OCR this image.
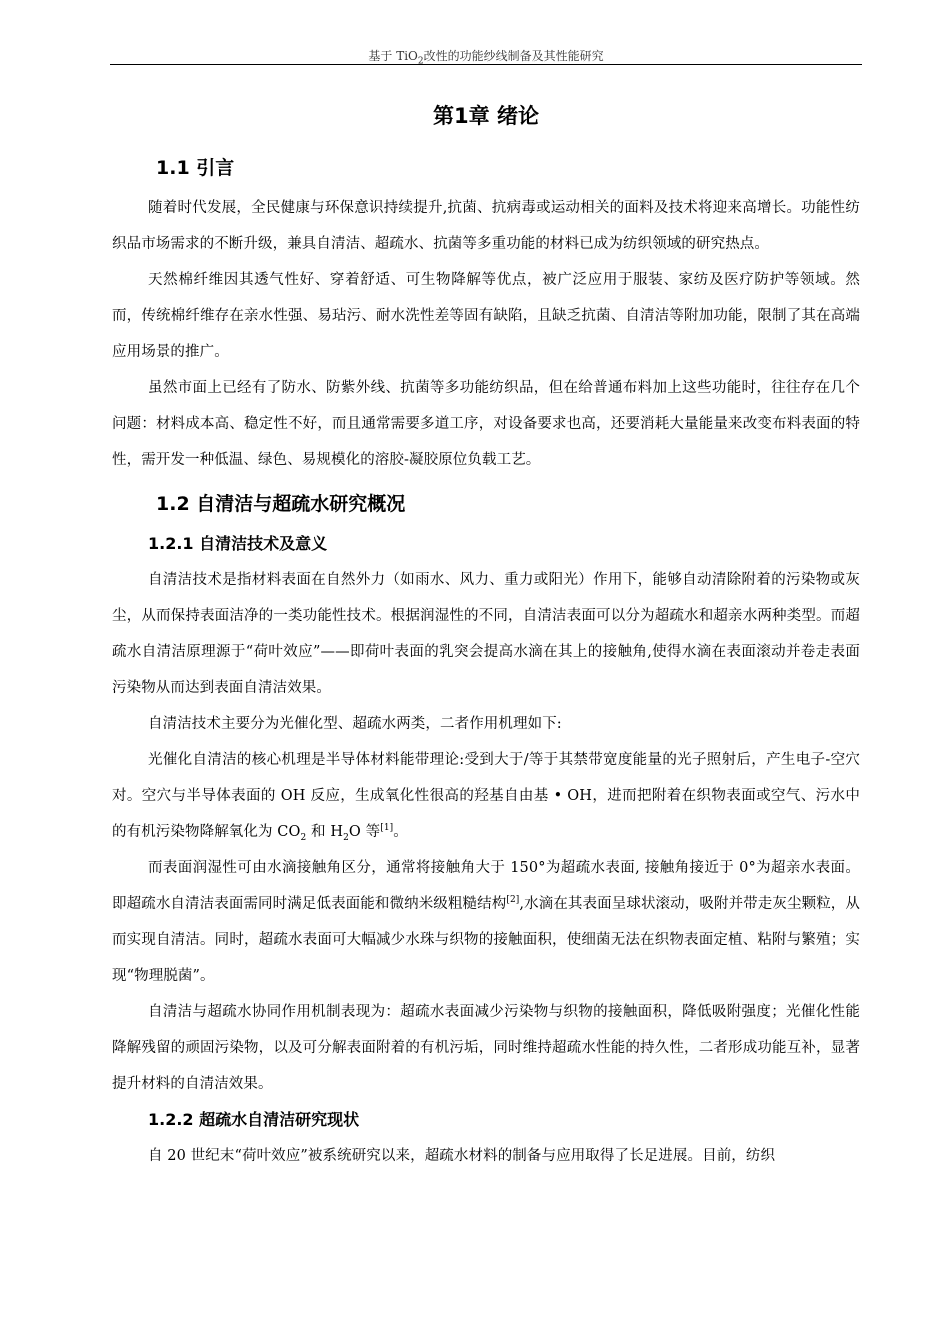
基于 TiO$_2$改性的功能纱线制备及其性能研究
第1章 绪论
1.1 引言

随着时代发展，全民健康与环保意识持续提升,抗菌、抗病毒或运动相关的面料及技术将迎来高增长。功能性纺织品市场需求的不断升级，兼具自清洁、超疏水、抗菌等多重功能的材料已成为纺织领域的研究热点。

天然棉纤维因其透气性好、穿着舒适、可生物降解等优点，被广泛应用于服装、家纺及医疗防护等领域。然而，传统棉纤维存在亲水性强、易玷污、耐水洗性差等固有缺陷，且缺乏抗菌、自清洁等附加功能，限制了其在高端应用场景的推广。

虽然市面上已经有了防水、防紫外线、抗菌等多功能纺织品，但在给普通布料加上这些功能时，往往存在几个问题：材料成本高、稳定性不好，而且通常需要多道工序，对设备要求也高，还要消耗大量能量来改变布料表面的特性，需开发一种低温、绿色、易规模化的溶胶-凝胶原位负载工艺。

1.2 自清洁与超疏水研究概况
1.2.1 自清洁技术及意义

自清洁技术是指材料表面在自然外力（如雨水、风力、重力或阳光）作用下，能够自动清除附着的污染物或灰尘，从而保持表面洁净的一类功能性技术。根据润湿性的不同，自清洁表面可以分为超疏水和超亲水两种类型。而超疏水自清洁原理源于“荷叶效应”——即荷叶表面的乳突会提高水滴在其上的接触角,使得水滴在表面滚动并卷走表面污染物从而达到表面自清洁效果。

自清洁技术主要分为光催化型、超疏水两类，二者作用机理如下:

光催化自清洁的核心机理是半导体材料能带理论:受到大于/等于其禁带宽度能量的光子照射后，产生电子-空穴对。空穴与半导体表面的 OH 反应，生成氧化性很高的羟基自由基 • OH，进而把附着在织物表面或空气、污水中的有机污染物降解氧化为 $CO_2$ 和 $H_2O$ 等[1]。

而表面润湿性可由水滴接触角区分，通常将接触角大于 150°为超疏水表面, 接触角接近于 0°为超亲水表面。即超疏水自清洁表面需同时满足低表面能和微纳米级粗糙结构[2],水滴在其表面呈球状滚动，吸附并带走灰尘颗粒，从而实现自清洁。同时，超疏水表面可大幅减少水珠与织物的接触面积，使细菌无法在织物表面定植、粘附与繁殖；实现“物理脱菌”。

自清洁与超疏水协同作用机制表现为：超疏水表面减少污染物与织物的接触面积，降低吸附强度；光催化性能降解残留的顽固污染物，以及可分解表面附着的有机污垢，同时维持超疏水性能的持久性，二者形成功能互补，显著提升材料的自清洁效果。

1.2.2 超疏水自清洁研究现状

自 20 世纪末“荷叶效应”被系统研究以来，超疏水材料的制备与应用取得了长足进展。目前，纺织
